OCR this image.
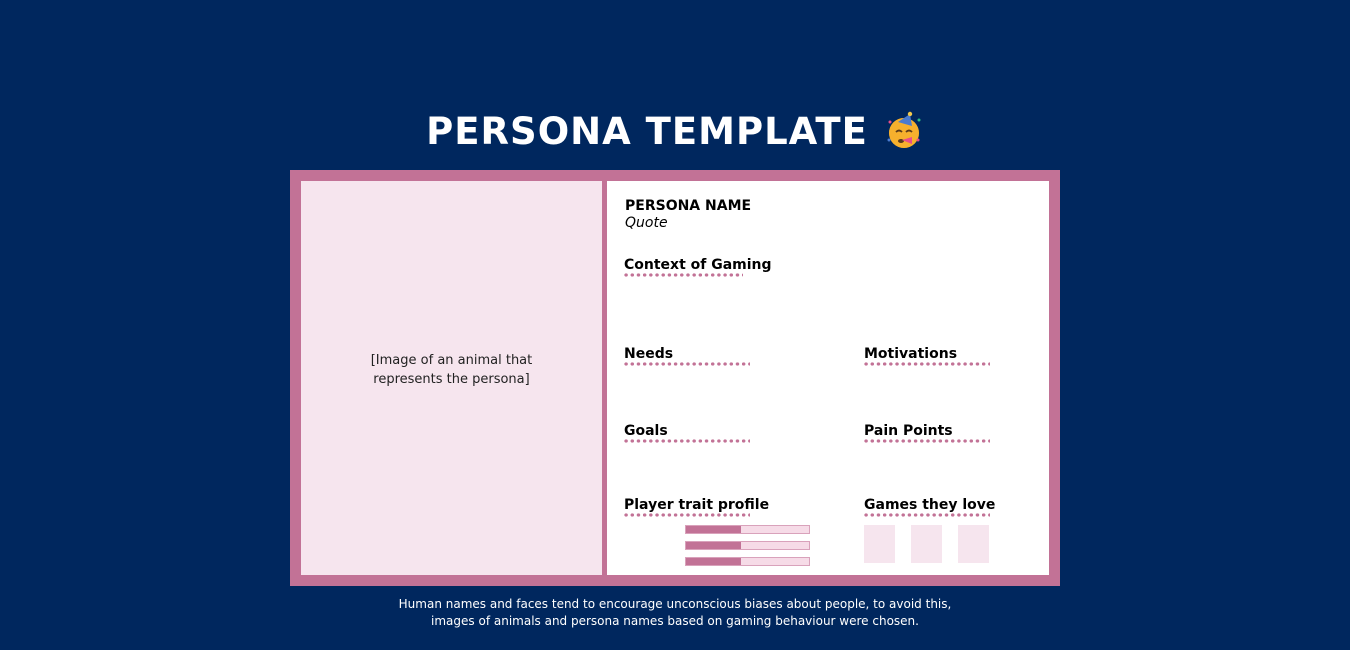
PERSONA TEMPLATE
[Image of an animal that represents the persona]
PERSONA NAME
Quote
Context of Gaming
Needs	Motivations
Goals	Pain Points
Player trait profile	Games they love
Human names and faces tend to encourage unconscious biases about people, to avoid this,
images of animals and persona names based on gaming behaviour were chosen.
